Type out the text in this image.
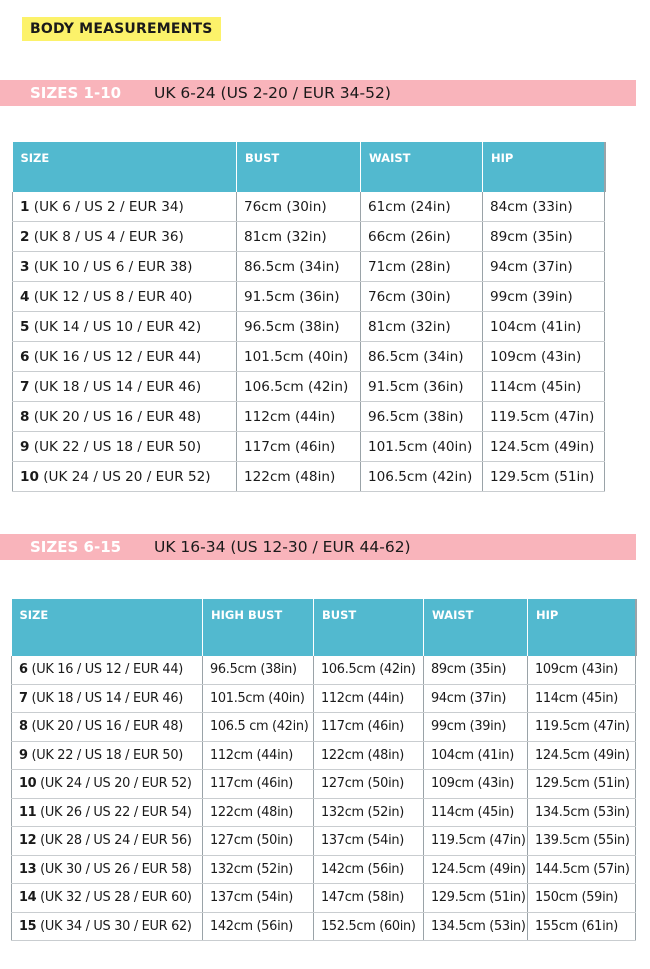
BODY MEASUREMENTS
SIZES 1-10 UK 6-24 (US 2-20 / EUR 34-52)
SIZE	BUST	WAIST	HIP
1 (UK 6 / US 2 / EUR 34)	76cm (30in)	61cm (24in)	84cm (33in)
2 (UK 8 / US 4 / EUR 36)	81cm (32in)	66cm (26in)	89cm (35in)
3 (UK 10 / US 6 / EUR 38)	86.5cm (34in)	71cm (28in)	94cm (37in)
4 (UK 12 / US 8 / EUR 40)	91.5cm (36in)	76cm (30in)	99cm (39in)
5 (UK 14 / US 10 / EUR 42)	96.5cm (38in)	81cm (32in)	104cm (41in)
6 (UK 16 / US 12 / EUR 44)	101.5cm (40in)	86.5cm (34in)	109cm (43in)
7 (UK 18 / US 14 / EUR 46)	106.5cm (42in)	91.5cm (36in)	114cm (45in)
8 (UK 20 / US 16 / EUR 48)	112cm (44in)	96.5cm (38in)	119.5cm (47in)
9 (UK 22 / US 18 / EUR 50)	117cm (46in)	101.5cm (40in)	124.5cm (49in)
10 (UK 24 / US 20 / EUR 52)	122cm (48in)	106.5cm (42in)	129.5cm (51in)
SIZES 6-15 UK 16-34 (US 12-30 / EUR 44-62)
SIZE	HIGH BUST	BUST	WAIST	HIP
6 (UK 16 / US 12 / EUR 44)	96.5cm (38in)	106.5cm (42in)	89cm (35in)	109cm (43in)
7 (UK 18 / US 14 / EUR 46)	101.5cm (40in)	112cm (44in)	94cm (37in)	114cm (45in)
8 (UK 20 / US 16 / EUR 48)	106.5 cm (42in)	117cm (46in)	99cm (39in)	119.5cm (47in)
9 (UK 22 / US 18 / EUR 50)	112cm (44in)	122cm (48in)	104cm (41in)	124.5cm (49in)
10 (UK 24 / US 20 / EUR 52)	117cm (46in)	127cm (50in)	109cm (43in)	129.5cm (51in)
11 (UK 26 / US 22 / EUR 54)	122cm (48in)	132cm (52in)	114cm (45in)	134.5cm (53in)
12 (UK 28 / US 24 / EUR 56)	127cm (50in)	137cm (54in)	119.5cm (47in)	139.5cm (55in)
13 (UK 30 / US 26 / EUR 58)	132cm (52in)	142cm (56in)	124.5cm (49in)	144.5cm (57in)
14 (UK 32 / US 28 / EUR 60)	137cm (54in)	147cm (58in)	129.5cm (51in)	150cm (59in)
15 (UK 34 / US 30 / EUR 62)	142cm (56in)	152.5cm (60in)	134.5cm (53in)	155cm (61in)
